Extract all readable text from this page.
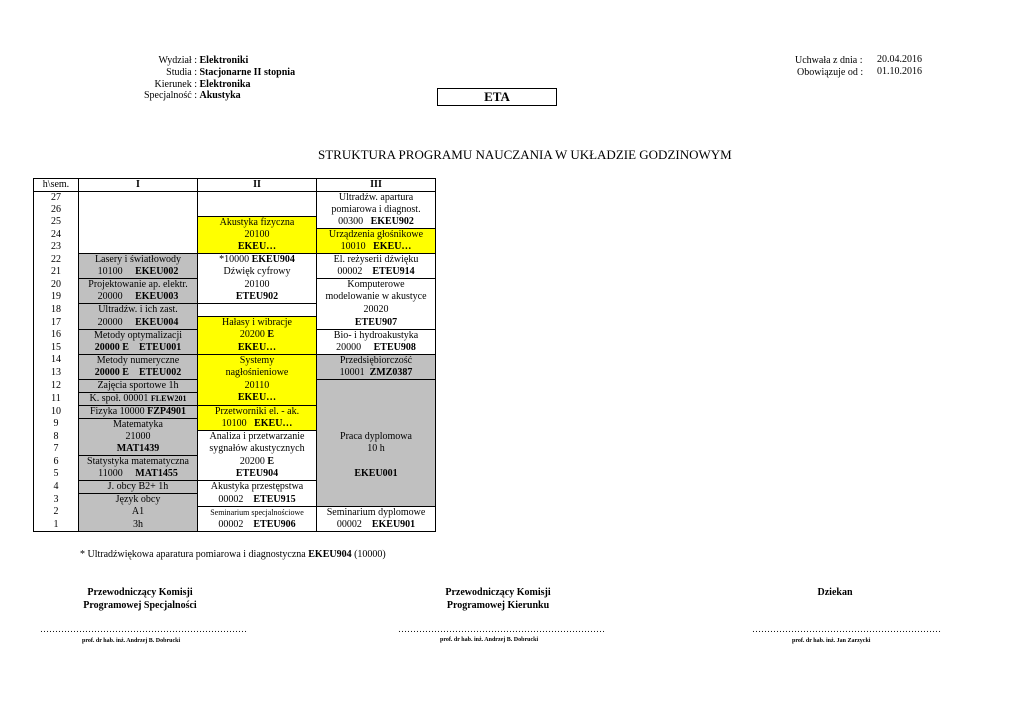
Wydział : Elektroniki
Studia : Stacjonarne II stopnia
Kierunek : Elektronika
Specjalność : Akustyka
Uchwała z dnia : 20.04.2016
Obowiązuje od : 01.10.2016
ETA
STRUKTURA PROGRAMU NAUCZANIA W UKŁADZIE GODZINOWYM
h\sem.	I	II	III
27			Ultradźw. apartura
26			pomiarowa i diagnost.
25		Akustyka fizyczna	00300 EKEU902
24		20100	Urządzenia głośnikowe
23		EKEU…	10010 EKEU…
22	Lasery i światłowody	*10000 EKEU904	El. reżyserii dźwięku
21	10100 EKEU002	Dźwięk cyfrowy	00002 ETEU914
20	Projektowanie ap. elektr.	20100	Komputerowe
19	20000 EKEU003	ETEU902	modelowanie w akustyce
18	Ultradźw. i ich zast.		20020
17	20000 EKEU004	Hałasy i wibracje	ETEU907
16	Metody optymalizacji	20200 E	Bio- i hydroakustyka
15	20000 E ETEU001	EKEU…	20000 ETEU908
14	Metody numeryczne	Systemy	Przedsiębiorczość
13	20000 E ETEU002	nagłośnieniowe	10001 ZMZ0387
12	Zajęcia sportowe 1h	20110	
11	K. społ. 00001 FLEW201	EKEU…	
10	Fizyka 10000 FZP4901	Przetworniki el. - ak.	
9	Matematyka	10100 EKEU…	
8	21000	Analiza i przetwarzanie	Praca dyplomowa
7	MAT1439	sygnałów akustycznych	10 h
6	Statystyka matematyczna	20200 E	
5	11000 MAT1455	ETEU904	EKEU001
4	J. obcy B2+ 1h	Akustyka przestępstwa	
3	Język obcy	00002 ETEU915	
2	A1	Seminarium specjalnościowe	Seminarium dyplomowe
1	3h	00002 ETEU906	00002 EKEU901
* Ultradźwiękowa aparatura pomiarowa i diagnostyczna EKEU904 (10000)
Przewodniczący Komisji
Programowej Specjalności
……………………………………………………………
prof. dr hab. inż. Andrzej B. Dobrucki
Przewodniczący Komisji
Programowej Kierunku
……………………………………………………………
prof. dr hab. inż. Andrzej B. Dobrucki
Dziekan
………………………………………………………
prof. dr hab. inż. Jan Zarzycki
